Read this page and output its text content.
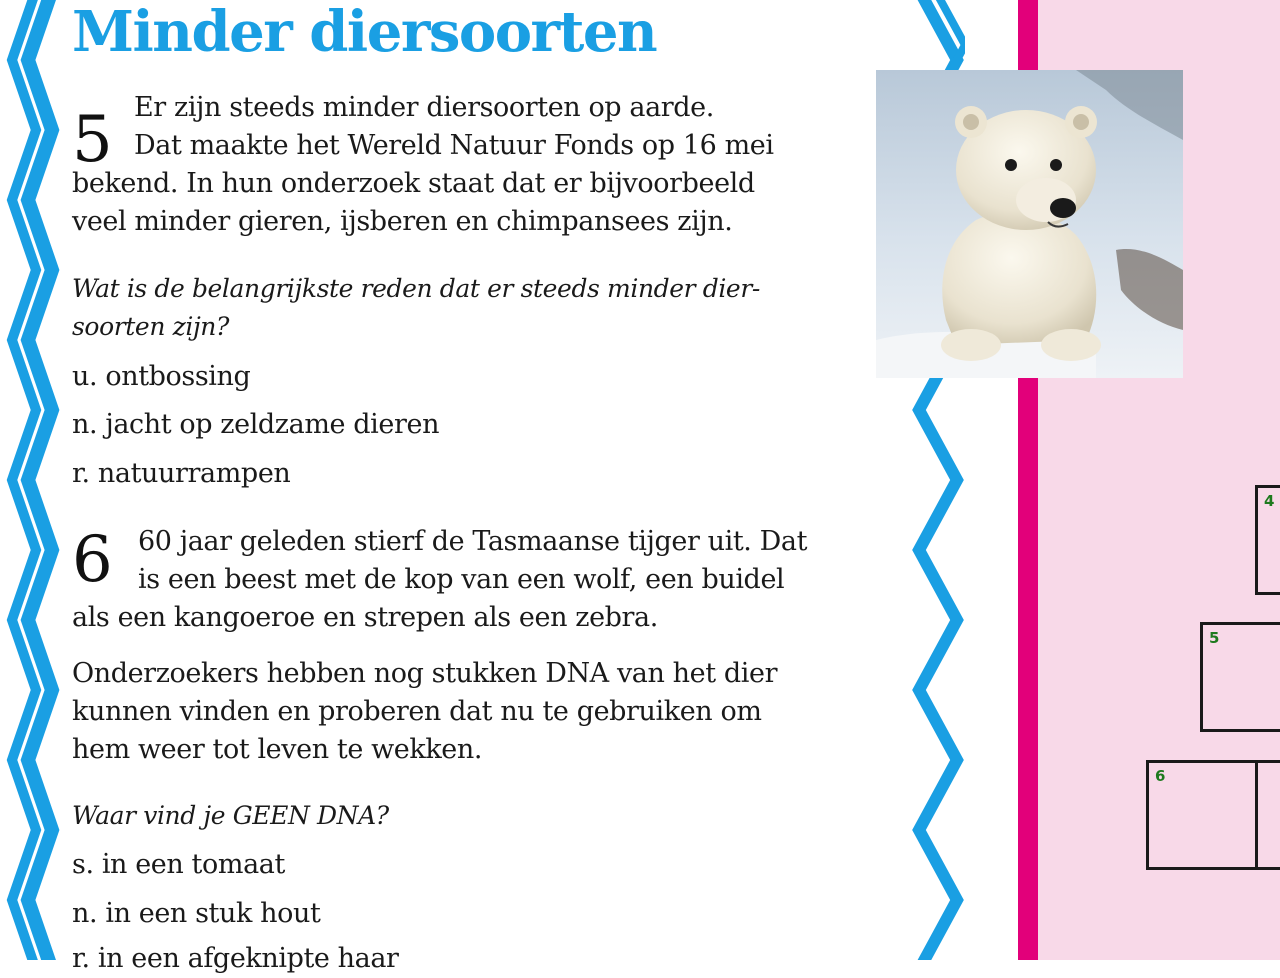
Minder diersoorten
5 Er zijn steeds minder diersoorten op aarde.

Dat maakte het Wereld Natuur Fonds op 16 mei

bekend. In hun onderzoek staat dat er bijvoorbeeld

veel minder gieren, ijsberen en chimpansees zijn.

Wat is de belangrijkste reden dat er steeds minder dier-

soorten zijn?

u. ontbossing

n. jacht op zeldzame dieren

r. natuurrampen

6 60 jaar geleden stierf de Tasmaanse tijger uit. Dat

is een beest met de kop van een wolf, een buidel

als een kangoeroe en strepen als een zebra.

Onderzoekers hebben nog stukken DNA van het dier

kunnen vinden en proberen dat nu te gebruiken om

hem weer tot leven te wekken.

Waar vind je GEEN DNA?

s. in een tomaat

n. in een stuk hout

r. in een afgeknipte haar

4
5
6
